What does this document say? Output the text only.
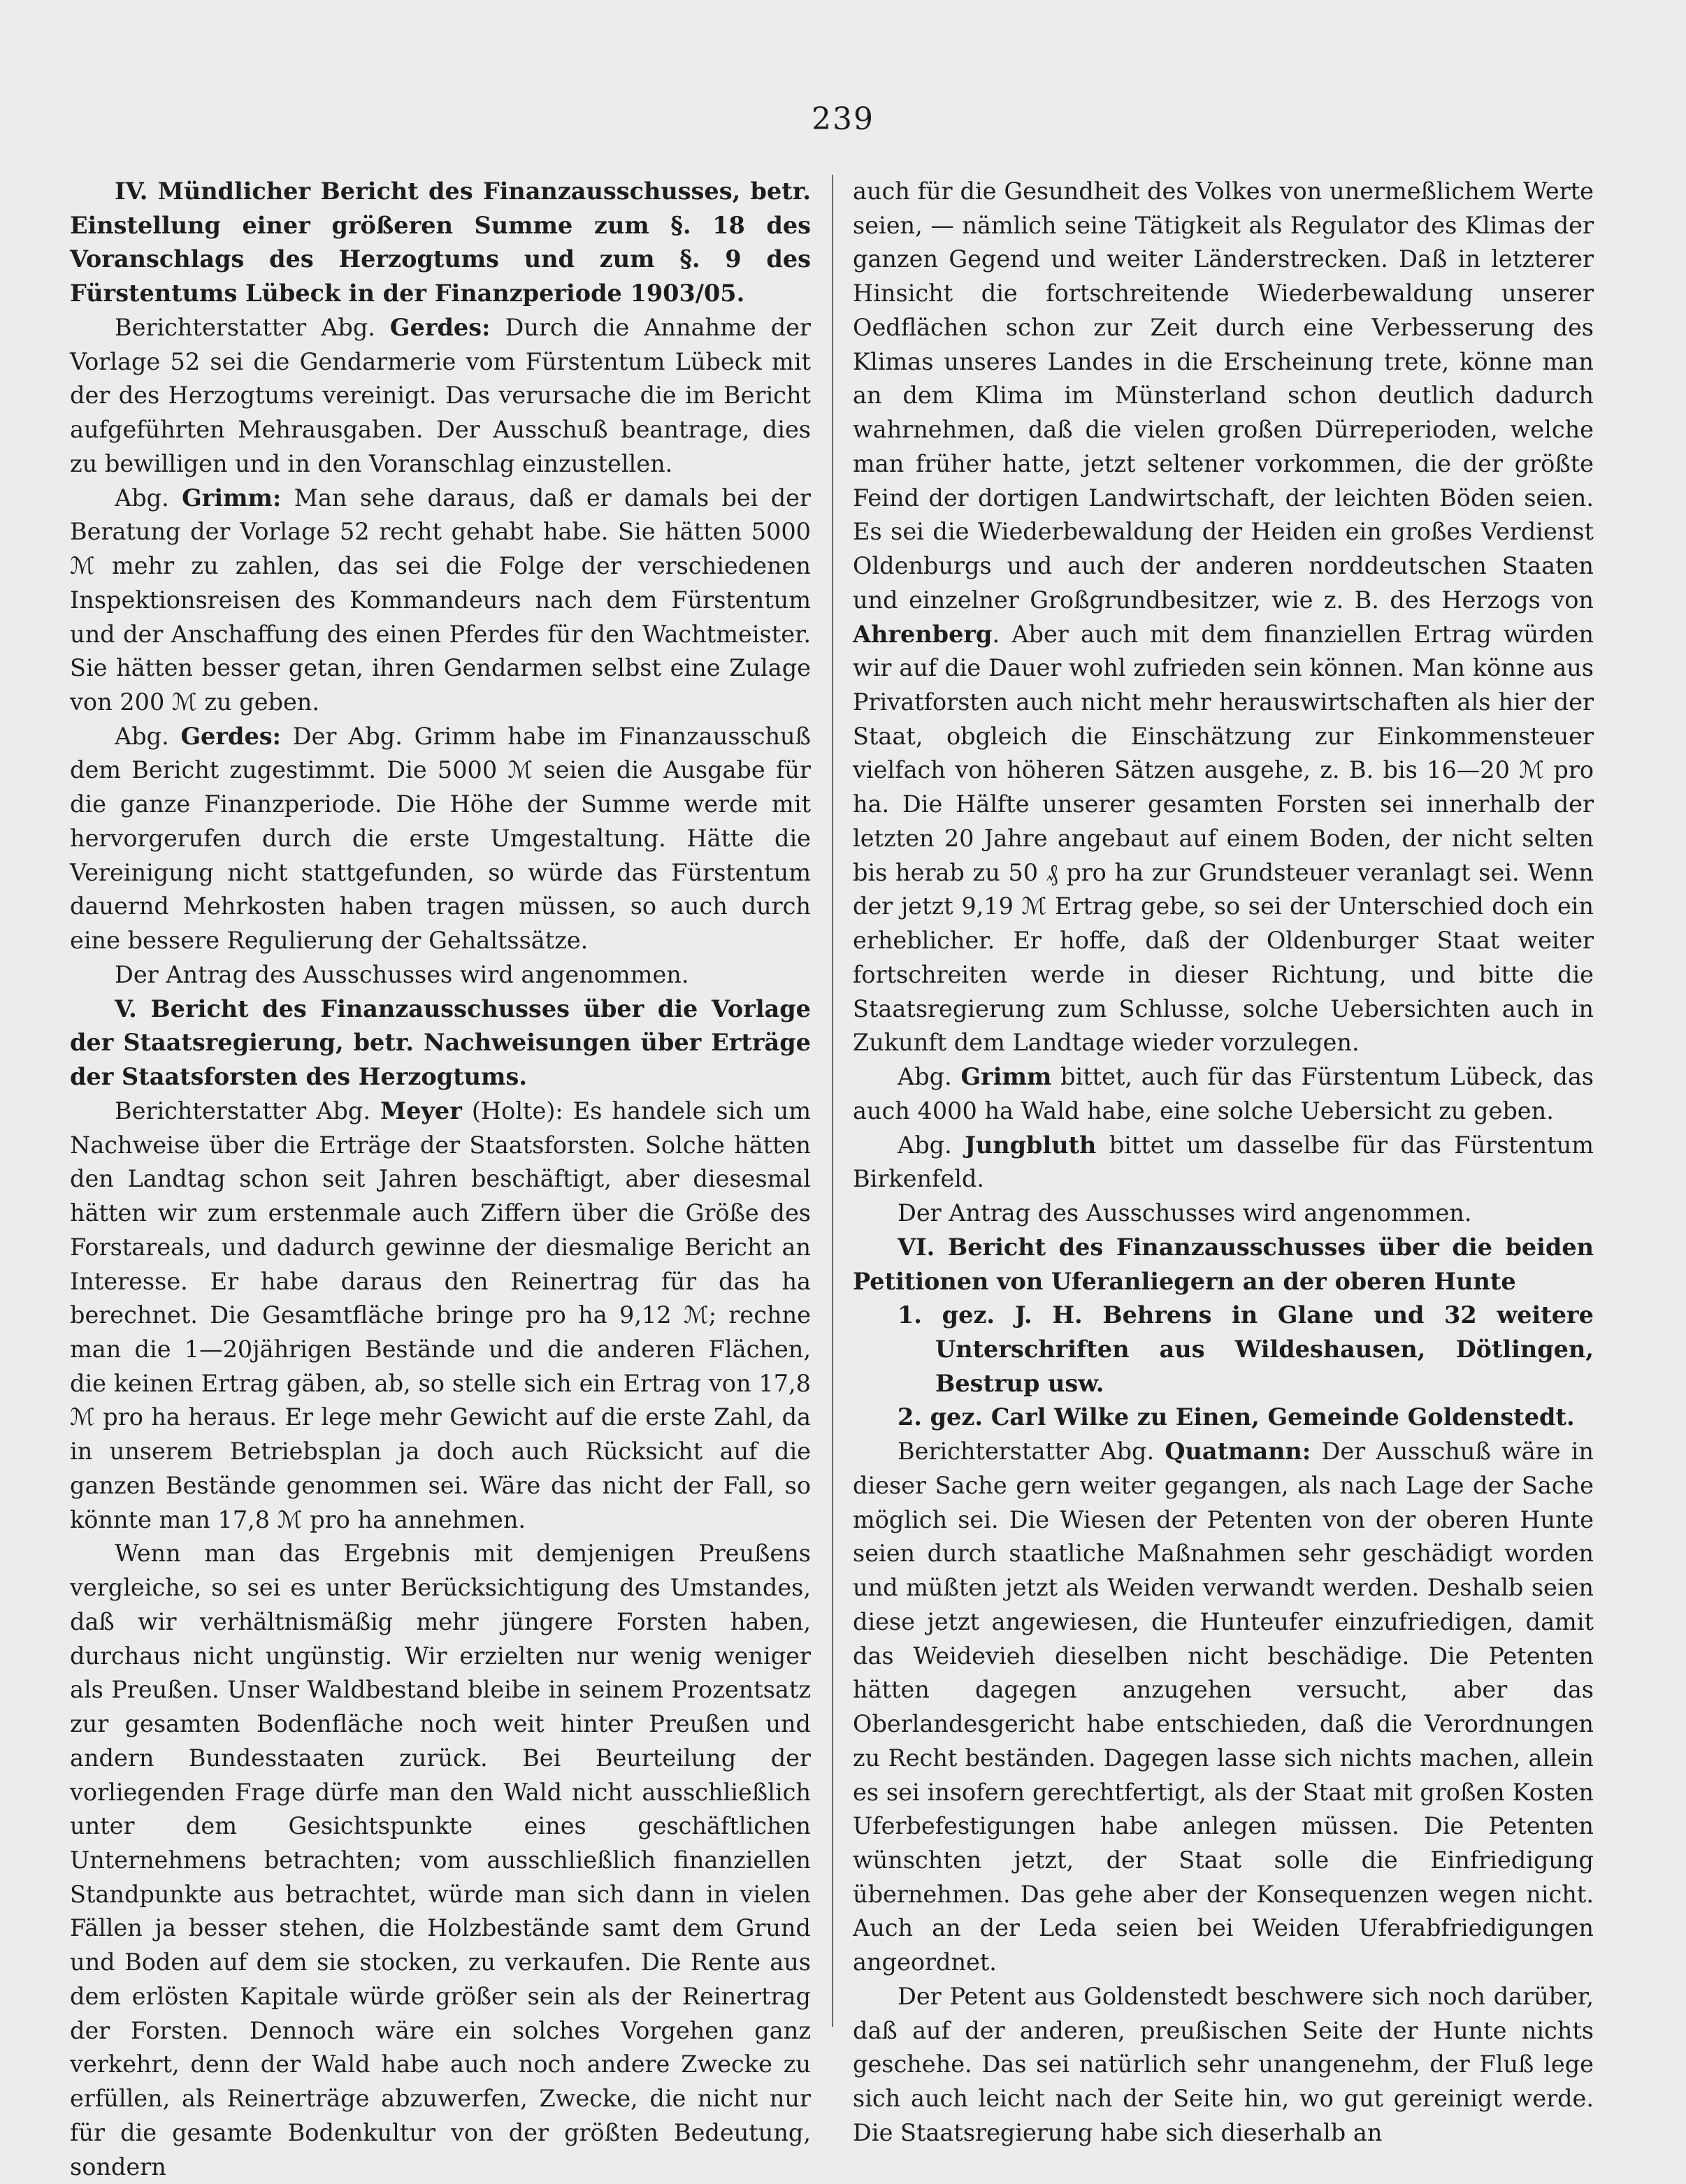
239

IV. Mündlicher Bericht des Finanzausschusses, betr. Einstellung einer größeren Summe zum §. 18 des Voranschlags des Herzogtums und zum §. 9 des Fürstentums Lübeck in der Finanzperiode 1903/05.

Berichterstatter Abg. Gerdes: Durch die Annahme der Vorlage 52 sei die Gendarmerie vom Fürstentum Lübeck mit der des Herzogtums vereinigt. Das verursache die im Bericht aufgeführten Mehrausgaben. Der Ausschuß beantrage, dies zu bewilligen und in den Voranschlag einzustellen.

Abg. Grimm: Man sehe daraus, daß er damals bei der Beratung der Vorlage 52 recht gehabt habe. Sie hätten 5000 ℳ mehr zu zahlen, das sei die Folge der verschiedenen Inspektionsreisen des Kommandeurs nach dem Fürstentum und der Anschaffung des einen Pferdes für den Wachtmeister. Sie hätten besser getan, ihren Gendarmen selbst eine Zulage von 200 ℳ zu geben.

Abg. Gerdes: Der Abg. Grimm habe im Finanzausschuß dem Bericht zugestimmt. Die 5000 ℳ seien die Ausgabe für die ganze Finanzperiode. Die Höhe der Summe werde mit hervorgerufen durch die erste Umgestaltung. Hätte die Vereinigung nicht stattgefunden, so würde das Fürstentum dauernd Mehrkosten haben tragen müssen, so auch durch eine bessere Regulierung der Gehaltssätze.

Der Antrag des Ausschusses wird angenommen.

V. Bericht des Finanzausschusses über die Vorlage der Staatsregierung, betr. Nachweisungen über Erträge der Staatsforsten des Herzogtums.

Berichterstatter Abg. Meyer (Holte): Es handele sich um Nachweise über die Erträge der Staatsforsten. Solche hätten den Landtag schon seit Jahren beschäftigt, aber diesesmal hätten wir zum erstenmale auch Ziffern über die Größe des Forstareals, und dadurch gewinne der diesmalige Bericht an Interesse. Er habe daraus den Reinertrag für das ha berechnet. Die Gesamtfläche bringe pro ha 9,12 ℳ; rechne man die 1—20jährigen Bestände und die anderen Flächen, die keinen Ertrag gäben, ab, so stelle sich ein Ertrag von 17,8 ℳ pro ha heraus. Er lege mehr Gewicht auf die erste Zahl, da in unserem Betriebsplan ja doch auch Rücksicht auf die ganzen Bestände genommen sei. Wäre das nicht der Fall, so könnte man 17,8 ℳ pro ha annehmen.

Wenn man das Ergebnis mit demjenigen Preußens vergleiche, so sei es unter Berücksichtigung des Umstandes, daß wir verhältnismäßig mehr jüngere Forsten haben, durchaus nicht ungünstig. Wir erzielten nur wenig weniger als Preußen. Unser Waldbestand bleibe in seinem Prozentsatz zur gesamten Bodenfläche noch weit hinter Preußen und andern Bundesstaaten zurück. Bei Beurteilung der vorliegenden Frage dürfe man den Wald nicht ausschließlich unter dem Gesichtspunkte eines geschäftlichen Unternehmens betrachten; vom ausschließlich finanziellen Standpunkte aus betrachtet, würde man sich dann in vielen Fällen ja besser stehen, die Holzbestände samt dem Grund und Boden auf dem sie stocken, zu verkaufen. Die Rente aus dem erlösten Kapitale würde größer sein als der Reinertrag der Forsten. Dennoch wäre ein solches Vorgehen ganz verkehrt, denn der Wald habe auch noch andere Zwecke zu erfüllen, als Reinerträge abzuwerfen, Zwecke, die nicht nur für die gesamte Bodenkultur von der größten Bedeutung, sondern

auch für die Gesundheit des Volkes von unermeßlichem Werte seien, — nämlich seine Tätigkeit als Regulator des Klimas der ganzen Gegend und weiter Länderstrecken. Daß in letzterer Hinsicht die fortschreitende Wiederbewaldung unserer Oedflächen schon zur Zeit durch eine Verbesserung des Klimas unseres Landes in die Erscheinung trete, könne man an dem Klima im Münsterland schon deutlich dadurch wahrnehmen, daß die vielen großen Dürreperioden, welche man früher hatte, jetzt seltener vorkommen, die der größte Feind der dortigen Landwirtschaft, der leichten Böden seien. Es sei die Wiederbewaldung der Heiden ein großes Verdienst Oldenburgs und auch der anderen norddeutschen Staaten und einzelner Großgrundbesitzer, wie z. B. des Herzogs von Ahrenberg. Aber auch mit dem finanziellen Ertrag würden wir auf die Dauer wohl zufrieden sein können. Man könne aus Privatforsten auch nicht mehr herauswirtschaften als hier der Staat, obgleich die Einschätzung zur Einkommensteuer vielfach von höheren Sätzen ausgehe, z. B. bis 16—20 ℳ pro ha. Die Hälfte unserer gesamten Forsten sei innerhalb der letzten 20 Jahre angebaut auf einem Boden, der nicht selten bis herab zu 50 ₰ pro ha zur Grundsteuer veranlagt sei. Wenn der jetzt 9,19 ℳ Ertrag gebe, so sei der Unterschied doch ein erheblicher. Er hoffe, daß der Oldenburger Staat weiter fortschreiten werde in dieser Richtung, und bitte die Staatsregierung zum Schlusse, solche Uebersichten auch in Zukunft dem Landtage wieder vorzulegen.

Abg. Grimm bittet, auch für das Fürstentum Lübeck, das auch 4000 ha Wald habe, eine solche Uebersicht zu geben.

Abg. Jungbluth bittet um dasselbe für das Fürstentum Birkenfeld.

Der Antrag des Ausschusses wird angenommen.

VI. Bericht des Finanzausschusses über die beiden Petitionen von Uferanliegern an der oberen Hunte

1. gez. J. H. Behrens in Glane und 32 weitere Unterschriften aus Wildeshausen, Dötlingen, Bestrup usw.
2. gez. Carl Wilke zu Einen, Gemeinde Goldenstedt.

Berichterstatter Abg. Quatmann: Der Ausschuß wäre in dieser Sache gern weiter gegangen, als nach Lage der Sache möglich sei. Die Wiesen der Petenten von der oberen Hunte seien durch staatliche Maßnahmen sehr geschädigt worden und müßten jetzt als Weiden verwandt werden. Deshalb seien diese jetzt angewiesen, die Hunteufer einzufriedigen, damit das Weidevieh dieselben nicht beschädige. Die Petenten hätten dagegen anzugehen versucht, aber das Oberlandesgericht habe entschieden, daß die Verordnungen zu Recht beständen. Dagegen lasse sich nichts machen, allein es sei insofern gerechtfertigt, als der Staat mit großen Kosten Uferbefestigungen habe anlegen müssen. Die Petenten wünschten jetzt, der Staat solle die Einfriedigung übernehmen. Das gehe aber der Konsequenzen wegen nicht. Auch an der Leda seien bei Weiden Uferabfriedigungen angeordnet.

Der Petent aus Goldenstedt beschwere sich noch darüber, daß auf der anderen, preußischen Seite der Hunte nichts geschehe. Das sei natürlich sehr unangenehm, der Fluß lege sich auch leicht nach der Seite hin, wo gut gereinigt werde. Die Staatsregierung habe sich dieserhalb an
